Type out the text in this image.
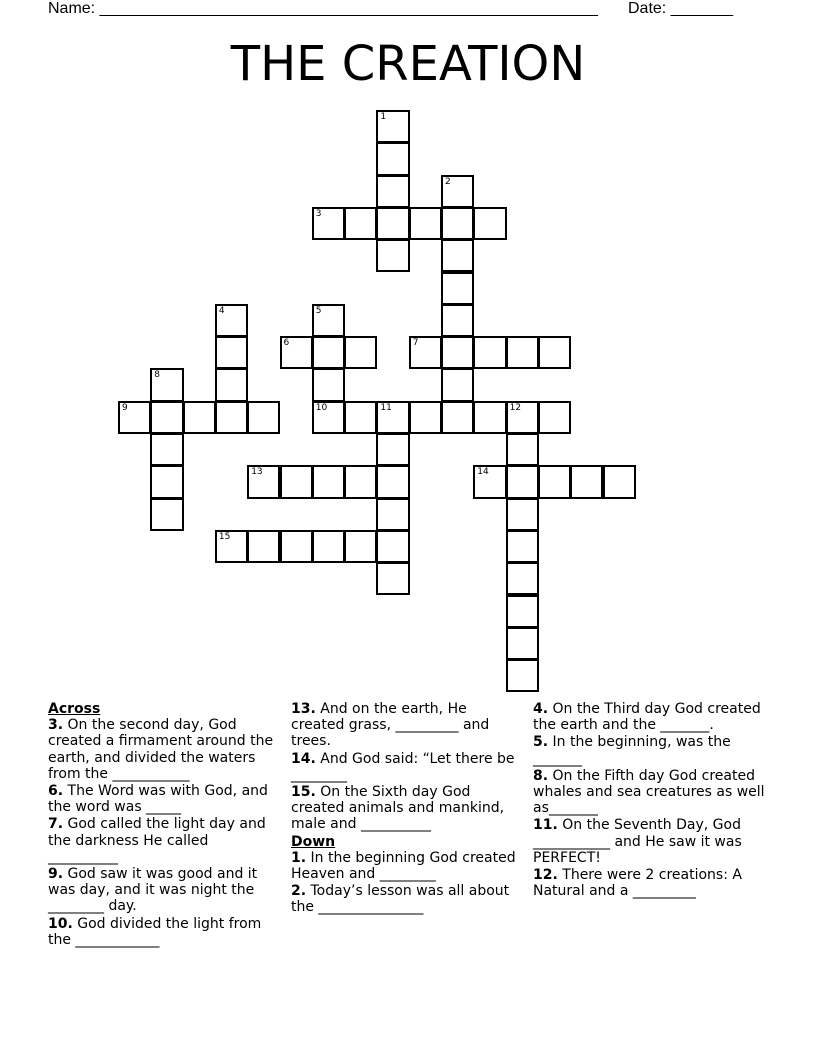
Name: ________________________________________________________ Date: _______
THE CREATION
3
6	7
9	10	11	12
13	14
15
1
2
4	5
8
Across
3. On the second day, God created a firmament around the earth, and divided the waters from the ___________
6. The Word was with God, and the word was _____
7. God called the light day and the darkness He called __________
9. God saw it was good and it was day, and it was night the ________ day.
10. God divided the light from the ____________
13. And on the earth, He created grass, _________ and trees.
14. And God said: “Let there be ________
15. On the Sixth day God created animals and mankind, male and __________
Down
1. In the beginning God created Heaven and ________
2. Today’s lesson was all about the _______________
4. On the Third day God created the earth and the _______.
5. In the beginning, was the _______
8. On the Fifth day God created whales and sea creatures as well as_______
11. On the Seventh Day, God ___________ and He saw it was PERFECT!
12. There were 2 creations: A Natural and a _________
